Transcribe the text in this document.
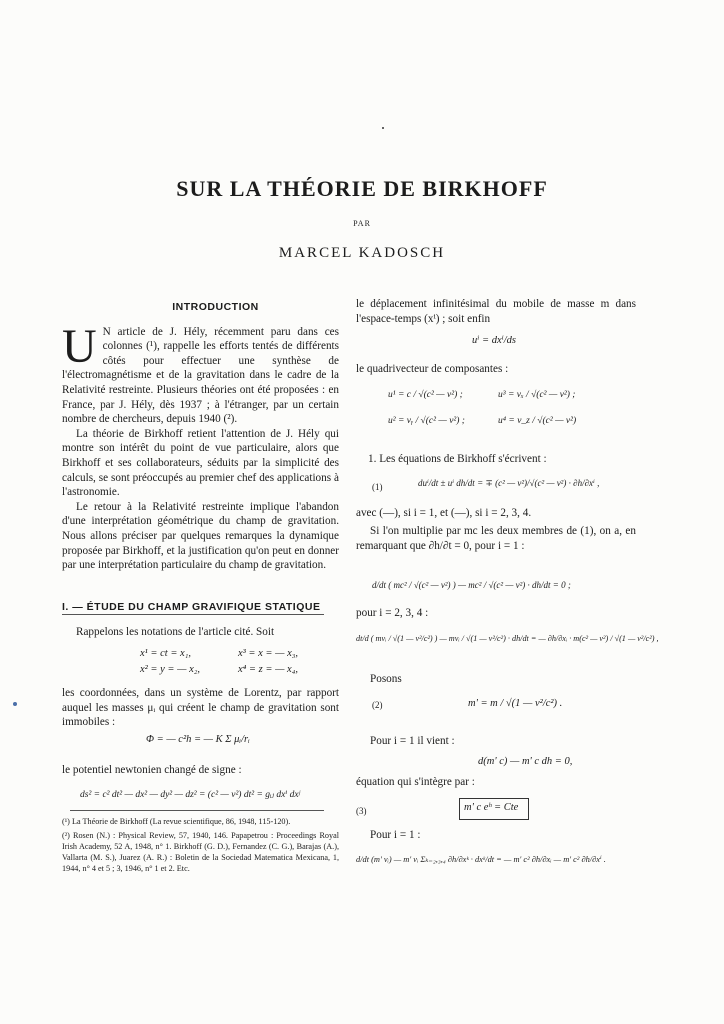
SUR LA THÉORIE DE BIRKHOFF
PAR
MARCEL KADOSCH
INTRODUCTION
U N article de J. Hély, récemment paru dans ces colonnes (¹), rappelle les efforts tentés de différents côtés pour effectuer une synthèse de l'électromagnétisme et de la gravitation dans le cadre de la Relativité restreinte. Plusieurs théories ont été proposées : en France, par J. Hély, dès 1937 ; à l'étranger, par un certain nombre de chercheurs, depuis 1940 (²).

La théorie de Birkhoff retient l'attention de J. Hély qui montre son intérêt du point de vue particulaire, alors que Birkhoff et ses collaborateurs, séduits par la simplicité des calculs, se sont préoccupés au premier chef des applications à l'astronomie.

Le retour à la Relativité restreinte implique l'abandon d'une interprétation géométrique du champ de gravitation. Nous allons préciser par quelques remarques la dynamique proposée par Birkhoff, et la justification qu'on peut en donner par une interprétation particulaire du champ de gravitation.

I. — ÉTUDE DU CHAMP GRAVIFIQUE STATIQUE

Rappelons les notations de l'article cité. Soit

x¹ = ct = x₁,	x³ = x = — x₃,
x² = y = — x₂,	x⁴ = z = — x₄,
les coordonnées, dans un système de Lorentz, par rapport auquel les masses μᵢ qui créent le champ de gravitation sont immobiles :
Φ = — c²h = — K Σ μᵢ/rᵢ
le potentiel newtonien changé de signe :
ds² = c² dt² — dx² — dy² — dz² = (c² — v²) dt² = gᵢⱼ dxⁱ dxʲ
(¹) La Théorie de Birkhoff (La revue scientifique, 86, 1948, 115-120).
(²) Rosen (N.) : Physical Review, 57, 1940, 146. Papapetrou : Proceedings Royal Irish Academy, 52 A, 1948, n° 1. Birkhoff (G. D.), Fernandez (C. G.), Barajas (A.), Vallarta (M. S.), Juarez (A. R.) : Boletin de la Sociedad Matematica Mexicana, 1, 1944, n° 4 et 5 ; 3, 1946, n° 1 et 2. Etc.
le déplacement infinitésimal du mobile de masse m dans l'espace-temps (xⁱ) ; soit enfin
uⁱ = dxⁱ/ds
le quadrivecteur de composantes :
u¹ = c / √(c² — v²) ;	u³ = vₓ / √(c² — v²) ;
u² = vᵧ / √(c² — v²) ;	u⁴ = v_z / √(c² — v²)
1. Les équations de Birkhoff s'écrivent :
(1)	duⁱ/dt ± uⁱ dh/dt = ∓ (c² — v²)/√(c² — v²) · ∂h/∂xⁱ ,
avec (—), si i = 1, et (—), si i = 2, 3, 4.
Si l'on multiplie par mc les deux membres de (1), on a, en remarquant que ∂h/∂t = 0, pour i = 1 :
d/dt ( mc² / √(c² — v²) ) — mc² / √(c² — v²) · dh/dt = 0 ;
pour i = 2, 3, 4 :
dt/d ( mvᵢ / √(1 — v²/c²) ) — mvᵢ / √(1 — v²/c²) · dh/dt = — ∂h/∂xᵢ · m(c² — v²) / √(1 — v²/c²) ,
Posons
(2)	m' = m / √(1 — v²/c²) .
Pour i = 1 il vient :
d(m' c) — m' c dh = 0,
équation qui s'intègre par :
(3)	m' c eʰ = Cte
Pour i = 1 :
d/dt (m' vᵢ) — m' vᵢ Σₖ₌₂,₃,₄ ∂h/∂xᵏ · dxᵏ/dt = — m' c² ∂h/∂xᵢ — m' c² ∂h/∂xⁱ .
